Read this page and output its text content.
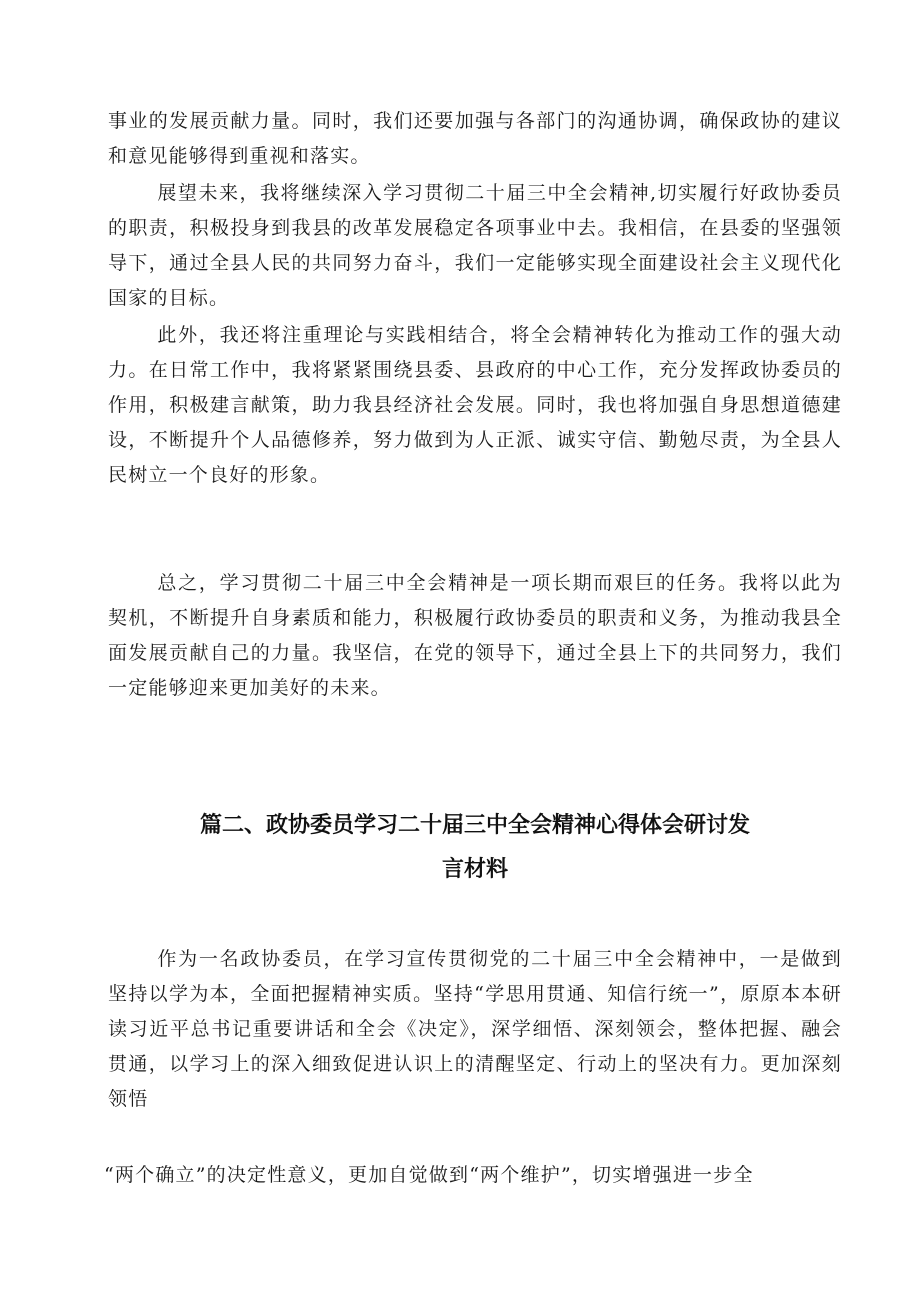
事业的发展贡献力量。同时，我们还要加强与各部门的沟通协调，确保政协的建议和意见能够得到重视和落实。

展望未来，我将继续深入学习贯彻二十届三中全会精神,切实履行好政协委员的职责，积极投身到我县的改革发展稳定各项事业中去。我相信，在县委的坚强领导下，通过全县人民的共同努力奋斗，我们一定能够实现全面建设社会主义现代化国家的目标。

此外，我还将注重理论与实践相结合，将全会精神转化为推动工作的强大动力。在日常工作中，我将紧紧围绕县委、县政府的中心工作，充分发挥政协委员的作用，积极建言献策，助力我县经济社会发展。同时，我也将加强自身思想道德建设，不断提升个人品德修养，努力做到为人正派、诚实守信、勤勉尽责，为全县人民树立一个良好的形象。

总之，学习贯彻二十届三中全会精神是一项长期而艰巨的任务。我将以此为契机，不断提升自身素质和能力，积极履行政协委员的职责和义务，为推动我县全面发展贡献自己的力量。我坚信，在党的领导下，通过全县上下的共同努力，我们一定能够迎来更加美好的未来。

篇二、政协委员学习二十届三中全会精神心得体会研讨发
言材料

作为一名政协委员，在学习宣传贯彻党的二十届三中全会精神中，一是做到坚持以学为本，全面把握精神实质。坚持“学思用贯通、知信行统一”，原原本本研读习近平总书记重要讲话和全会《决定》，深学细悟、深刻领会，整体把握、融会贯通，以学习上的深入细致促进认识上的清醒坚定、行动上的坚决有力。更加深刻领悟

“两个确立”的决定性意义，更加自觉做到“两个维护”，切实增强进一步全
